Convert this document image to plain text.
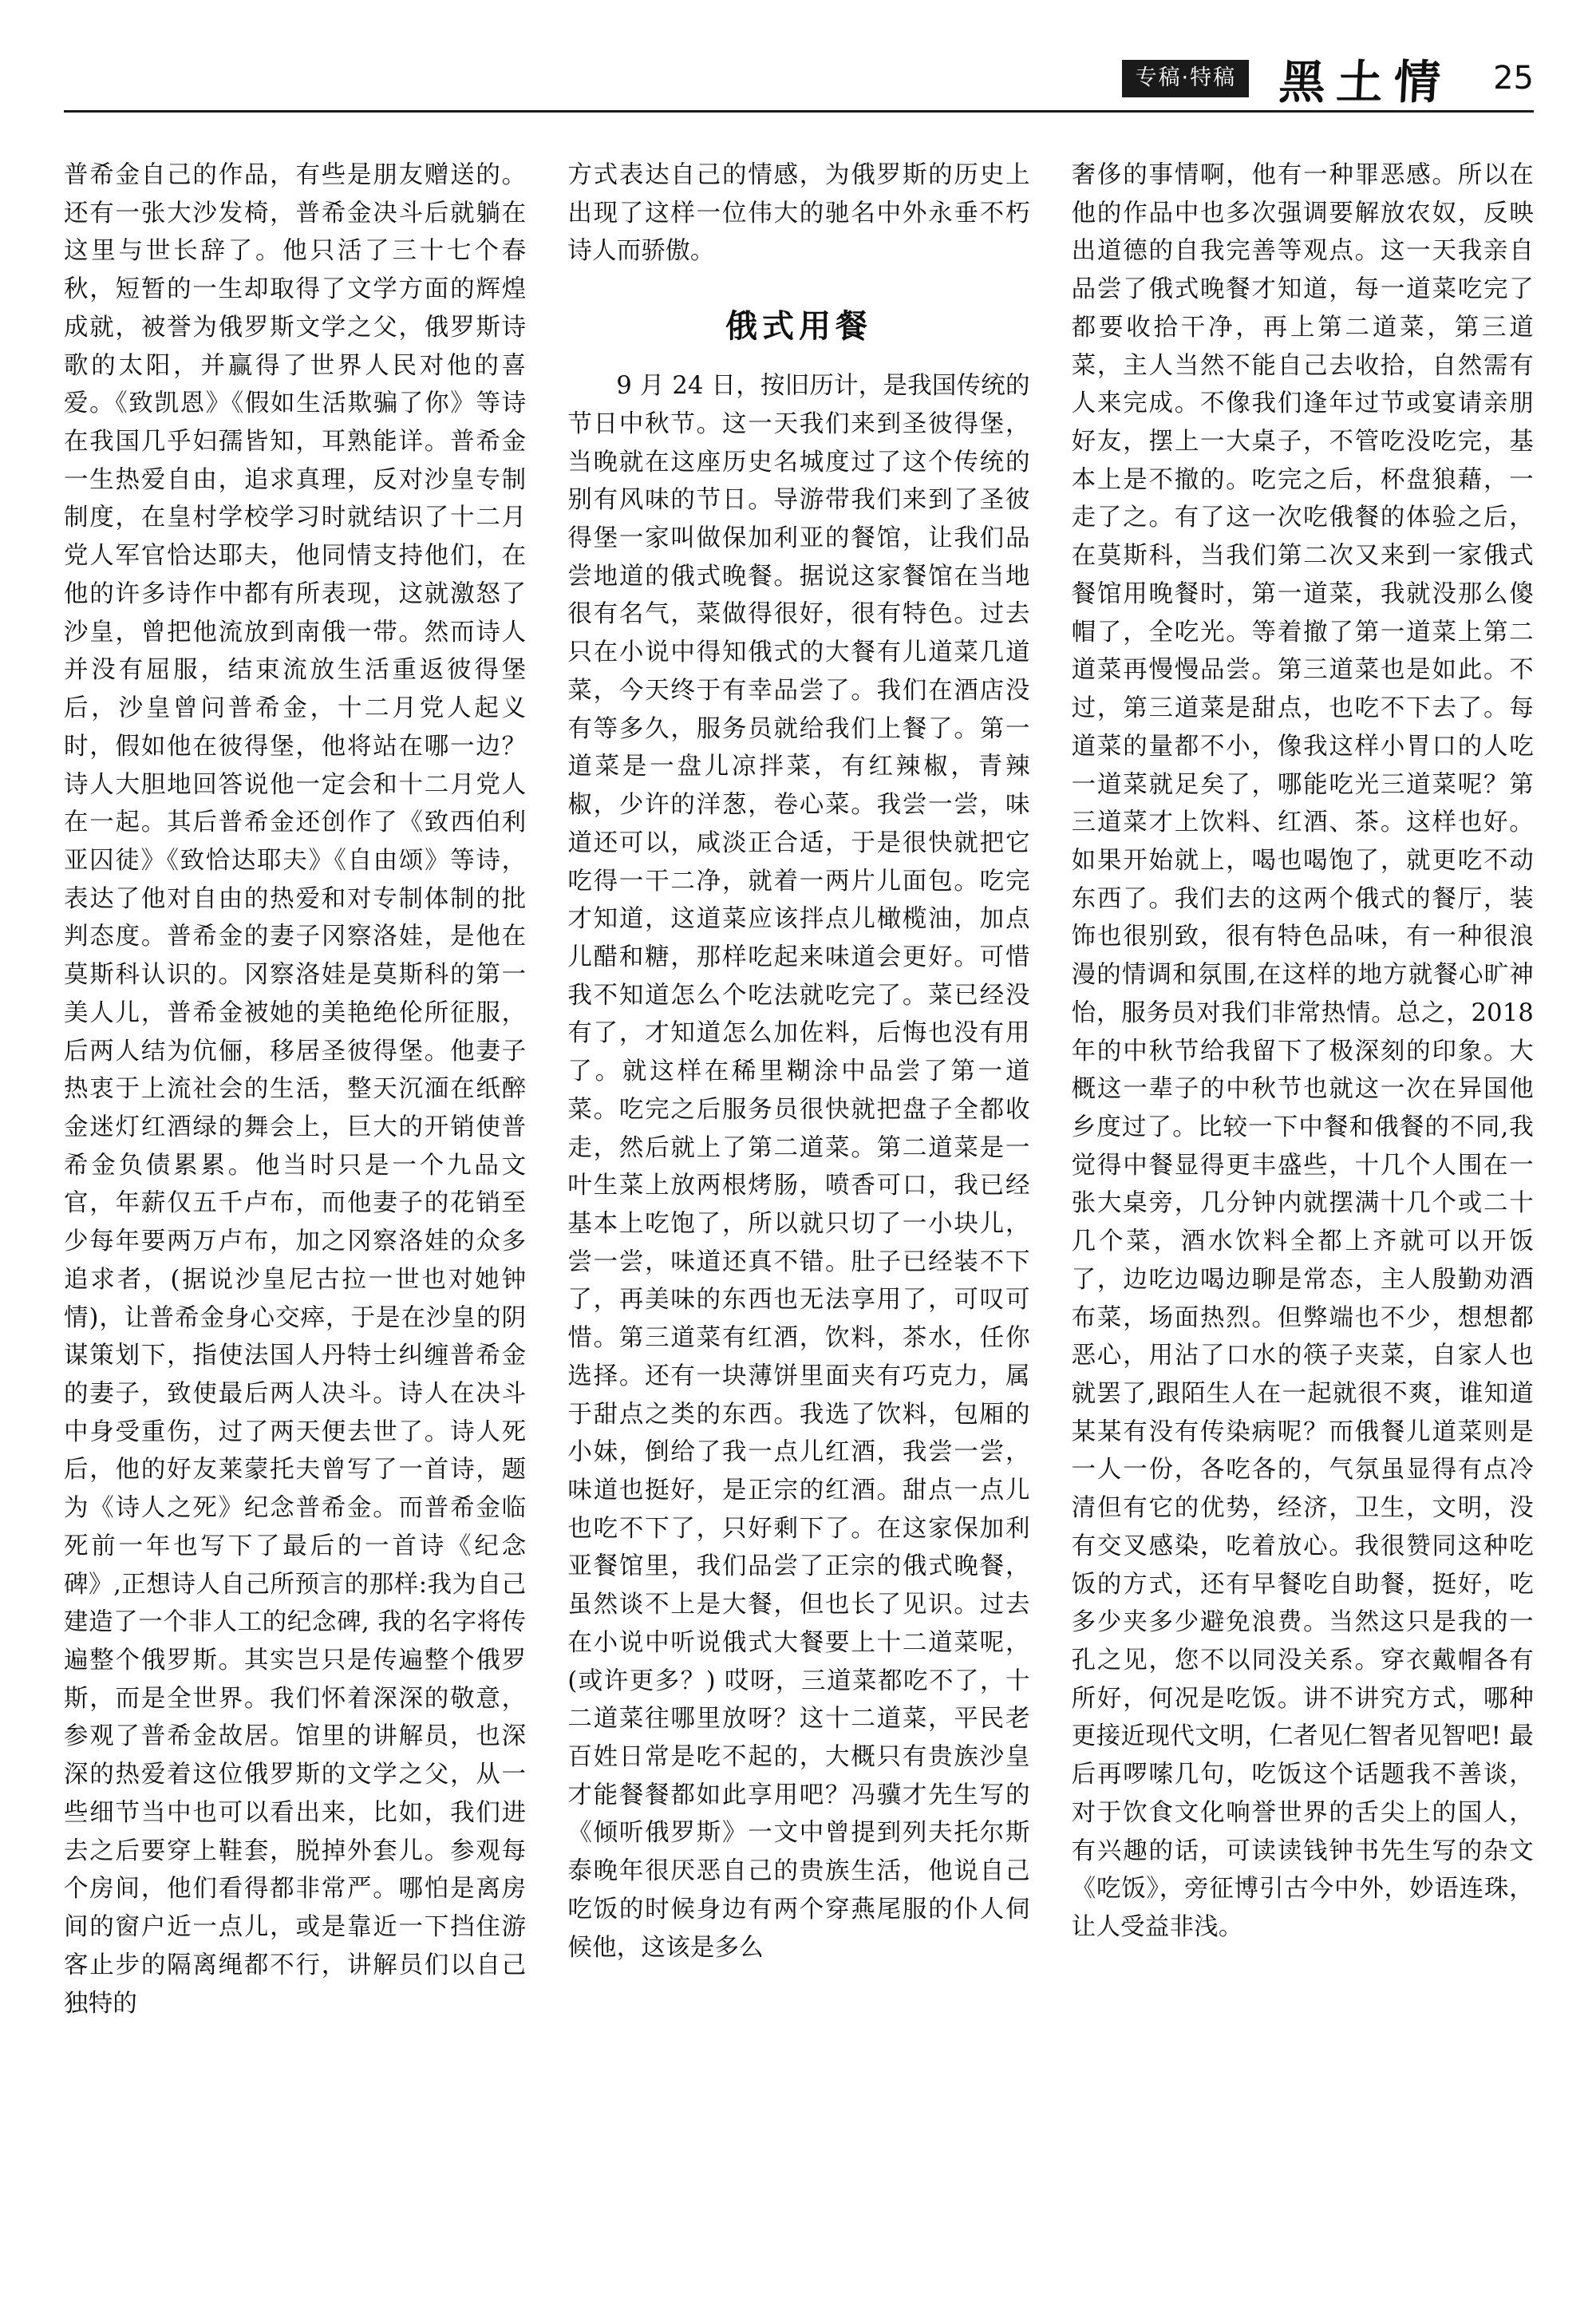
专稿·特稿 黑土情 25

普希金自己的作品，有些是朋友赠送的。还有一张大沙发椅，普希金决斗后就躺在这里与世长辞了。他只活了三十七个春秋，短暂的一生却取得了文学方面的辉煌成就，被誉为俄罗斯文学之父，俄罗斯诗歌的太阳，并赢得了世界人民对他的喜爱。《致凯恩》《假如生活欺骗了你》等诗在我国几乎妇孺皆知，耳熟能详。普希金一生热爱自由，追求真理，反对沙皇专制制度，在皇村学校学习时就结识了十二月党人军官恰达耶夫，他同情支持他们，在他的许多诗作中都有所表现，这就激怒了沙皇，曾把他流放到南俄一带。然而诗人并没有屈服，结束流放生活重返彼得堡后，沙皇曾问普希金，十二月党人起义时，假如他在彼得堡，他将站在哪一边？诗人大胆地回答说他一定会和十二月党人在一起。其后普希金还创作了《致西伯利亚囚徒》《致恰达耶夫》《自由颂》等诗，表达了他对自由的热爱和对专制体制的批判态度。普希金的妻子冈察洛娃，是他在莫斯科认识的。冈察洛娃是莫斯科的第一美人儿，普希金被她的美艳绝伦所征服，后两人结为伉俪，移居圣彼得堡。他妻子热衷于上流社会的生活，整天沉湎在纸醉金迷灯红酒绿的舞会上，巨大的开销使普希金负债累累。他当时只是一个九品文官，年薪仅五千卢布，而他妻子的花销至少每年要两万卢布，加之冈察洛娃的众多追求者，(据说沙皇尼古拉一世也对她钟情)，让普希金身心交瘁，于是在沙皇的阴谋策划下，指使法国人丹特士纠缠普希金的妻子，致使最后两人决斗。诗人在决斗中身受重伤，过了两天便去世了。诗人死后，他的好友莱蒙托夫曾写了一首诗，题为《诗人之死》纪念普希金。而普希金临死前一年也写下了最后的一首诗《纪念碑》,正想诗人自己所预言的那样:我为自己建造了一个非人工的纪念碑, 我的名字将传遍整个俄罗斯。其实岂只是传遍整个俄罗斯，而是全世界。我们怀着深深的敬意，参观了普希金故居。馆里的讲解员，也深深的热爱着这位俄罗斯的文学之父，从一些细节当中也可以看出来，比如，我们进去之后要穿上鞋套，脱掉外套儿。参观每个房间，他们看得都非常严。哪怕是离房间的窗户近一点儿，或是靠近一下挡住游客止步的隔离绳都不行，讲解员们以自己独特的

方式表达自己的情感，为俄罗斯的历史上出现了这样一位伟大的驰名中外永垂不朽诗人而骄傲。

俄式用餐

9 月 24 日，按旧历计，是我国传统的节日中秋节。这一天我们来到圣彼得堡，当晚就在这座历史名城度过了这个传统的别有风味的节日。导游带我们来到了圣彼得堡一家叫做保加利亚的餐馆，让我们品尝地道的俄式晚餐。据说这家餐馆在当地很有名气，菜做得很好，很有特色。过去只在小说中得知俄式的大餐有儿道菜几道菜，今天终于有幸品尝了。我们在酒店没有等多久，服务员就给我们上餐了。第一道菜是一盘儿凉拌菜，有红辣椒，青辣椒，少许的洋葱，卷心菜。我尝一尝，味道还可以，咸淡正合适，于是很快就把它吃得一干二净，就着一两片儿面包。吃完才知道，这道菜应该拌点儿橄榄油，加点儿醋和糖，那样吃起来味道会更好。可惜我不知道怎么个吃法就吃完了。菜已经没有了，才知道怎么加佐料，后悔也没有用了。就这样在稀里糊涂中品尝了第一道菜。吃完之后服务员很快就把盘子全都收走，然后就上了第二道菜。第二道菜是一叶生菜上放两根烤肠，喷香可口，我已经基本上吃饱了，所以就只切了一小块儿，尝一尝，味道还真不错。肚子已经装不下了，再美味的东西也无法享用了，可叹可惜。第三道菜有红酒，饮料，茶水，任你选择。还有一块薄饼里面夹有巧克力，属于甜点之类的东西。我选了饮料，包厢的小妹，倒给了我一点儿红酒，我尝一尝，味道也挺好，是正宗的红酒。甜点一点儿也吃不下了，只好剩下了。在这家保加利亚餐馆里，我们品尝了正宗的俄式晚餐，虽然谈不上是大餐，但也长了见识。过去在小说中听说俄式大餐要上十二道菜呢，(或许更多？) 哎呀，三道菜都吃不了，十二道菜往哪里放呀？这十二道菜，平民老百姓日常是吃不起的，大概只有贵族沙皇才能餐餐都如此享用吧？冯骥才先生写的《倾听俄罗斯》一文中曾提到列夫托尔斯泰晚年很厌恶自己的贵族生活，他说自己吃饭的时候身边有两个穿燕尾服的仆人伺候他，这该是多么

奢侈的事情啊，他有一种罪恶感。所以在他的作品中也多次强调要解放农奴，反映出道德的自我完善等观点。这一天我亲自品尝了俄式晚餐才知道，每一道菜吃完了都要收拾干净，再上第二道菜，第三道菜，主人当然不能自己去收拾，自然需有人来完成。不像我们逢年过节或宴请亲朋好友，摆上一大桌子，不管吃没吃完，基本上是不撤的。吃完之后，杯盘狼藉，一走了之。有了这一次吃俄餐的体验之后，在莫斯科，当我们第二次又来到一家俄式餐馆用晚餐时，第一道菜，我就没那么傻帽了，全吃光。等着撤了第一道菜上第二道菜再慢慢品尝。第三道菜也是如此。不过，第三道菜是甜点，也吃不下去了。每道菜的量都不小，像我这样小胃口的人吃一道菜就足矣了，哪能吃光三道菜呢？第三道菜才上饮料、红酒、茶。这样也好。如果开始就上，喝也喝饱了，就更吃不动东西了。我们去的这两个俄式的餐厅，装饰也很别致，很有特色品味，有一种很浪漫的情调和氛围,在这样的地方就餐心旷神怡，服务员对我们非常热情。总之，2018 年的中秋节给我留下了极深刻的印象。大概这一辈子的中秋节也就这一次在异国他乡度过了。比较一下中餐和俄餐的不同,我觉得中餐显得更丰盛些，十几个人围在一张大桌旁，几分钟内就摆满十几个或二十几个菜，酒水饮料全都上齐就可以开饭了，边吃边喝边聊是常态，主人殷勤劝酒布菜，场面热烈。但弊端也不少，想想都恶心，用沾了口水的筷子夹菜，自家人也就罢了,跟陌生人在一起就很不爽，谁知道某某有没有传染病呢？而俄餐儿道菜则是一人一份，各吃各的，气氛虽显得有点冷清但有它的优势，经济，卫生，文明，没有交叉感染，吃着放心。我很赞同这种吃饭的方式，还有早餐吃自助餐，挺好，吃多少夹多少避免浪费。当然这只是我的一孔之见，您不以同没关系。穿衣戴帽各有所好，何况是吃饭。讲不讲究方式，哪种更接近现代文明，仁者见仁智者见智吧! 最后再啰嗦几句，吃饭这个话题我不善谈，对于饮食文化响誉世界的舌尖上的国人，有兴趣的话，可读读钱钟书先生写的杂文《吃饭》，旁征博引古今中外，妙语连珠，让人受益非浅。
